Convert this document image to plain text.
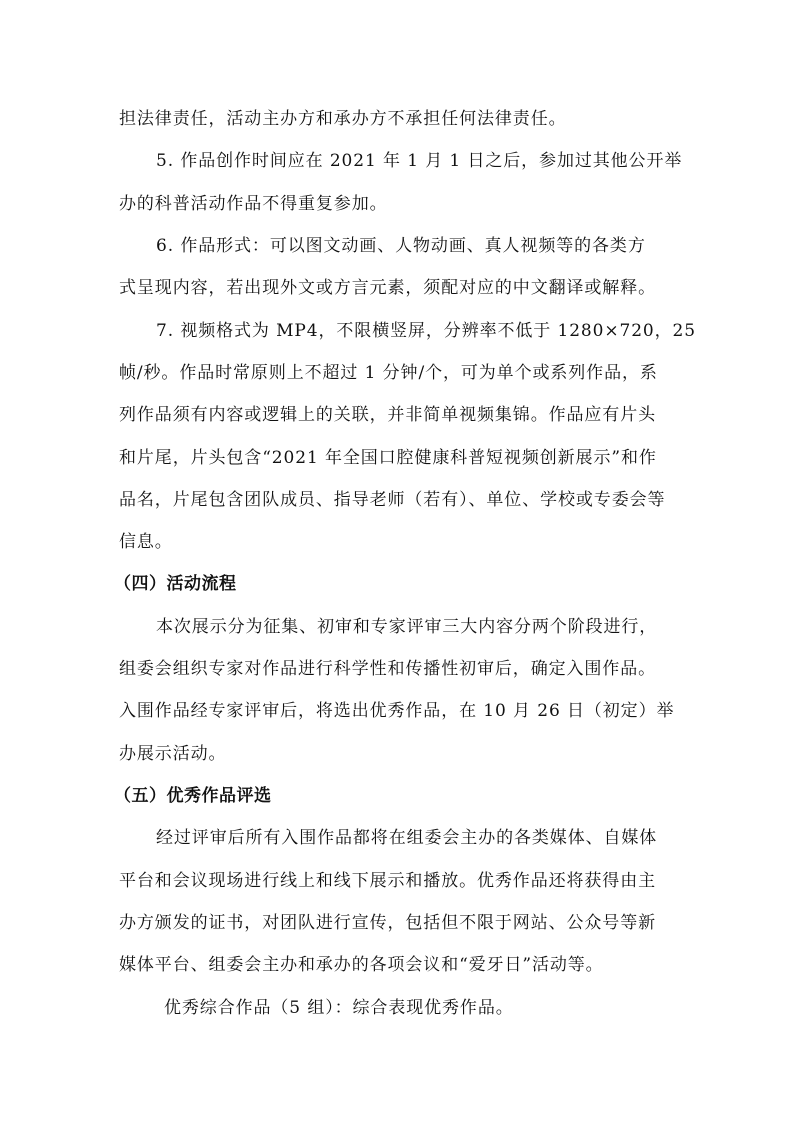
担法律责任，活动主办方和承办方不承担任何法律责任。
5. 作品创作时间应在 2021 年 1 月 1 日之后，参加过其他公开举
办的科普活动作品不得重复参加。
6. 作品形式：可以图文动画、人物动画、真人视频等的各类方
式呈现内容，若出现外文或方言元素，须配对应的中文翻译或解释。
7. 视频格式为 MP4，不限横竖屏，分辨率不低于 1280×720，25
帧/秒。作品时常原则上不超过 1 分钟/个，可为单个或系列作品，系
列作品须有内容或逻辑上的关联，并非简单视频集锦。作品应有片头
和片尾，片头包含“2021 年全国口腔健康科普短视频创新展示”和作
品名，片尾包含团队成员、指导老师（若有）、单位、学校或专委会等
信息。
（四）活动流程
本次展示分为征集、初审和专家评审三大内容分两个阶段进行，
组委会组织专家对作品进行科学性和传播性初审后，确定入围作品。
入围作品经专家评审后，将选出优秀作品，在 10 月 26 日（初定）举
办展示活动。
（五）优秀作品评选
经过评审后所有入围作品都将在组委会主办的各类媒体、自媒体
平台和会议现场进行线上和线下展示和播放。优秀作品还将获得由主
办方颁发的证书，对团队进行宣传，包括但不限于网站、公众号等新
媒体平台、组委会主办和承办的各项会议和“爱牙日”活动等。
优秀综合作品（5 组）：综合表现优秀作品。
